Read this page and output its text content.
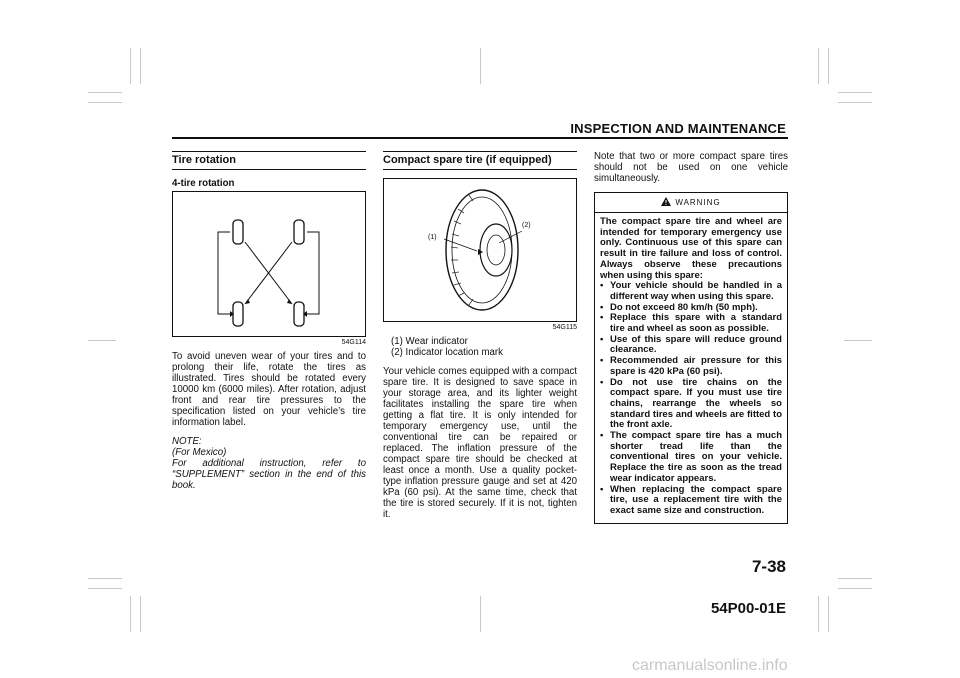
INSPECTION AND MAINTENANCE
Tire rotation
4-tire rotation
54G114

To avoid uneven wear of your tires and to prolong their life, rotate the tires as illustrated. Tires should be rotated every 10000 km (6000 miles). After rotation, adjust front and rear tire pressures to the specification listed on your vehicle’s tire information label.

NOTE:

(For Mexico)

For additional instruction, refer to “SUPPLEMENT” section in the end of this book.

Compact spare tire (if equipped)
(1)
(2)
54G115

(1) Wear indicator

(2) Indicator location mark

Your vehicle comes equipped with a compact spare tire. It is designed to save space in your storage area, and its lighter weight facilitates installing the spare tire when getting a flat tire. It is only intended for temporary emergency use, until the conventional tire can be repaired or replaced. The inflation pressure of the compact spare tire should be checked at least once a month. Use a quality pocket-type inflation pressure gauge and set at 420 kPa (60 psi). At the same time, check that the tire is stored securely. If it is not, tighten it.

Note that two or more compact spare tires should not be used on one vehicle simultaneously.

WARNING

The compact spare tire and wheel are intended for temporary emergency use only. Continuous use of this spare can result in tire failure and loss of control. Always observe these precautions when using this spare:

• Your vehicle should be handled in a different way when using this spare.
• Do not exceed 80 km/h (50 mph).
• Replace this spare with a standard tire and wheel as soon as possible.
• Use of this spare will reduce ground clearance.
• Recommended air pressure for this spare is 420 kPa (60 psi).
• Do not use tire chains on the compact spare. If you must use tire chains, rearrange the wheels so standard tires and wheels are fitted to the front axle.
• The compact spare tire has a much shorter tread life than the conventional tires on your vehicle. Replace the tire as soon as the tread wear indicator appears.
• When replacing the compact spare tire, use a replacement tire with the exact same size and construction.
7-38
54P00-01E
carmanualsonline.info
